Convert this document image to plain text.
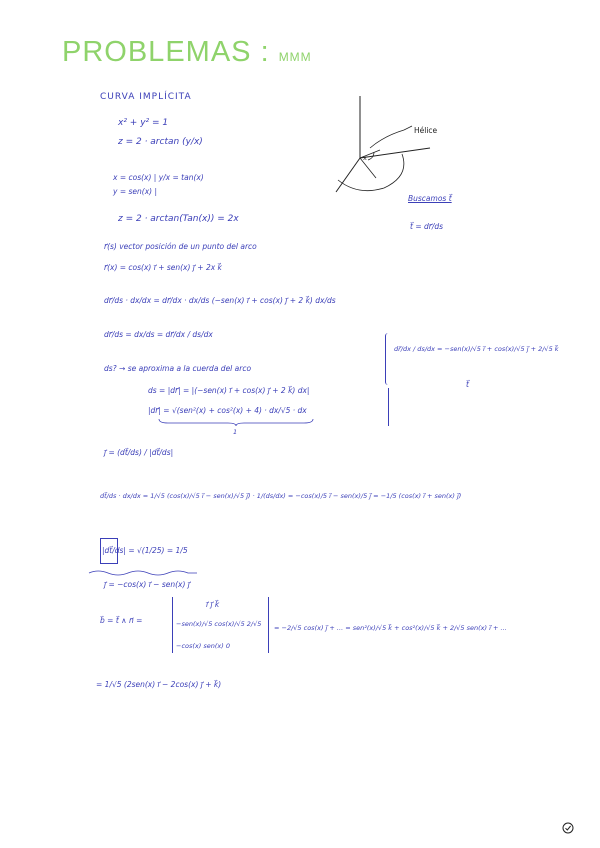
PROBLEMAS : MMM
CURVA IMPLÍCITA
x² + y² = 1
z = 2 · arctan (y/x)
x = cos(x) | y/x = tan(x)
y = sen(x) |
z = 2 · arctan(Tan(x)) = 2x
r⃗(s) vector posición de un punto del arco
r⃗(x) = cos(x) i⃗ + sen(x) j⃗ + 2x k⃗
dr⃗/ds · dx/dx = dr⃗/dx · dx/ds (−sen(x) i⃗ + cos(x) j⃗ + 2 k⃗) dx/ds
dr⃗/ds = dx/ds = dr⃗/dx / ds/dx
ds? → se aproxima a la cuerda del arco
ds = |dr⃗| = |(−sen(x) i⃗ + cos(x) j⃗ + 2 k⃗) dx|
|dr⃗| = √(sen²(x) + cos²(x) + 4) · dx/√5 · dx
1
dr⃗/dx / ds/dx = −sen(x)/√5 i⃗ + cos(x)/√5 j⃗ + 2/√5 k⃗
t⃗
j⃗ = (dt⃗/ds) / |dt⃗/ds|
dt⃗/ds · dx/dx = 1/√5 (cos(x)/√5 i⃗ − sen(x)/√5 j⃗) · 1/(ds/dx) = −cos(x)/5 i⃗ − sen(x)/5 j⃗ = −1/5 (cos(x) i⃗ + sen(x) j⃗)
|dt⃗/ds| = √(1/25) = 1/5
j⃗ = −cos(x) i⃗ − sen(x) j⃗
b⃗ = t⃗ ∧ n⃗ =
i⃗ j⃗ k⃗
−sen(x)/√5 cos(x)/√5 2/√5
−cos(x) sen(x) 0
= −2/√5 cos(x) j⃗ + ... = sen²(x)/√5 k⃗ + cos²(x)/√5 k⃗ + 2/√5 sen(x) i⃗ + ...
= 1/√5 (2sen(x) i⃗ − 2cos(x) j⃗ + k⃗)
x
Hélice
Buscamos t⃗
t⃗ = dr⃗/ds
